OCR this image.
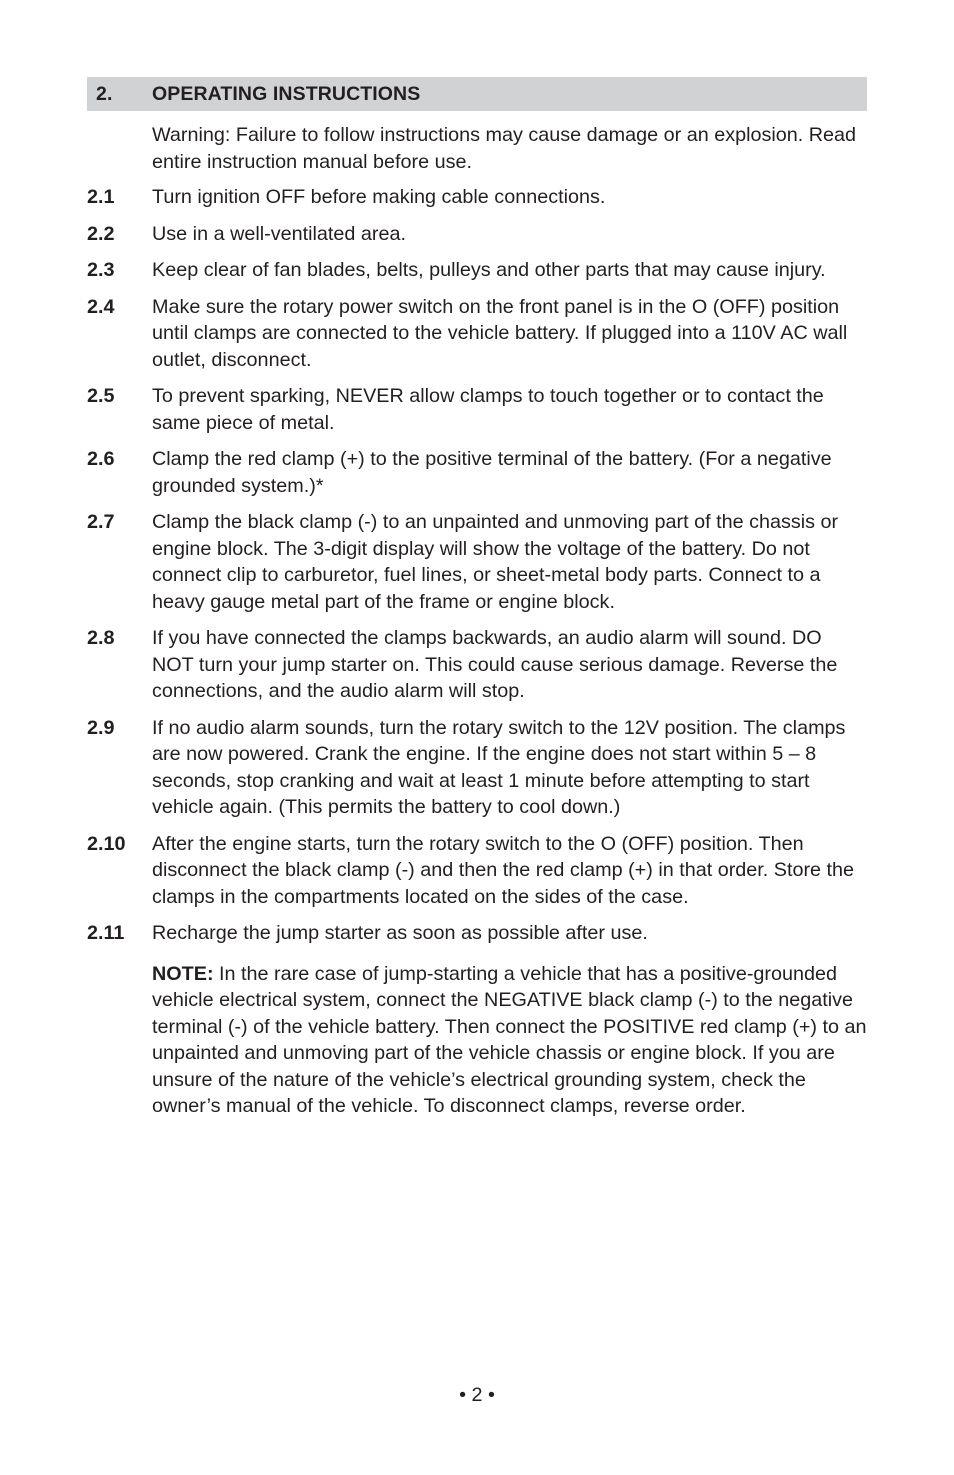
2.	OPERATING INSTRUCTIONS
Warning: Failure to follow instructions may cause damage or an explosion. Read entire instruction manual before use.
2.1	Turn ignition OFF before making cable connections.
2.2	Use in a well-ventilated area.
2.3	Keep clear of fan blades, belts, pulleys and other parts that may cause injury.
2.4	Make sure the rotary power switch on the front panel is in the O (OFF) position until clamps are connected to the vehicle battery. If plugged into a 110V AC wall outlet, disconnect.
2.5	To prevent sparking, NEVER allow clamps to touch together or to contact the same piece of metal.
2.6	Clamp the red clamp (+) to the positive terminal of the battery. (For a negative grounded system.)*
2.7	Clamp the black clamp (-) to an unpainted and unmoving part of the chassis or engine block. The 3-digit display will show the voltage of the battery. Do not connect clip to carburetor, fuel lines, or sheet-metal body parts. Connect to a heavy gauge metal part of the frame or engine block.
2.8	If you have connected the clamps backwards, an audio alarm will sound. DO NOT turn your jump starter on. This could cause serious damage. Reverse the connections, and the audio alarm will stop.
2.9	If no audio alarm sounds, turn the rotary switch to the 12V position. The clamps are now powered. Crank the engine. If the engine does not start within 5 – 8 seconds, stop cranking and wait at least 1 minute before attempting to start vehicle again. (This permits the battery to cool down.)
2.10	After the engine starts, turn the rotary switch to the O (OFF) position. Then disconnect the black clamp (-) and then the red clamp (+) in that order. Store the clamps in the compartments located on the sides of the case.
2.11	Recharge the jump starter as soon as possible after use.
NOTE: In the rare case of jump-starting a vehicle that has a positive-grounded vehicle electrical system, connect the NEGATIVE black clamp (-) to the negative terminal (-) of the vehicle battery. Then connect the POSITIVE red clamp (+) to an unpainted and unmoving part of the vehicle chassis or engine block. If you are unsure of the nature of the vehicle’s electrical grounding system, check the owner’s manual of the vehicle. To disconnect clamps, reverse order.
• 2 •
